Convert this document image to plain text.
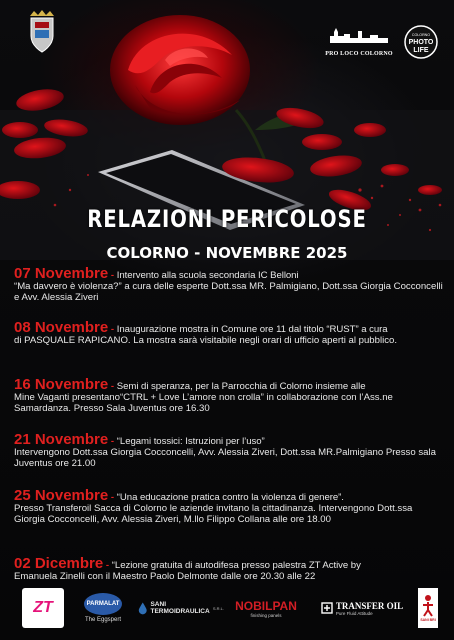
PRO LOCO COLORNO
COLORNO
PHOTO
LIFE
RELAZIONI PERICOLOSE
COLORNO - NOVEMBRE 2025
07 Novembre - Intervento alla scuola secondaria IC Belloni
“Ma davvero è violenza?” a cura delle esperte Dott.ssa MR. Palmigiano, Dott.ssa Giorgia Cocconcelli e Avv. Alessia Ziveri
08 Novembre - Inaugurazione mostra in Comune ore 11 dal titolo “RUST” a cura
di PASQUALE RAPICANO. La mostra sarà visitabile negli orari di ufficio aperti al pubblico.
16 Novembre - Semi di speranza, per la Parrocchia di Colorno insieme alle
Mine Vaganti presentano“CTRL + Love L’amore non crolla” in collaborazione con l’Ass.ne Samardanza. Presso Sala Juventus ore 16.30
21 Novembre - “Legami tossici: Istruzioni per l’uso”
Intervengono Dott.ssa Giorgia Cocconcelli, Avv. Alessia Ziveri, Dott.ssa MR.Palmigiano Presso sala Juventus ore 21.00
25 Novembre - “Una educazione pratica contro la violenza di genere”.
Presso Transferoil Sacca di Colorno le aziende invitano la cittadinanza. Intervengono Dott.ssa Giorgia Cocconcelli, Avv. Alessia Ziveri, M.llo Filippo Collana alle ore 18.00
02 Dicembre - “Lezione gratuita di autodifesa presso palestra ZT Active by
Emanuela Zinelli con il Maestro Paolo Delmonte dalle ore 20.30 alle 22
ZT	PARMALAT
The Eggspert
SANI TERMOIDRAULICA S.R.L. NOBILPAN
finishing panels
TRANSFER OIL
Pure Fluid Attitude
SANI BRI
